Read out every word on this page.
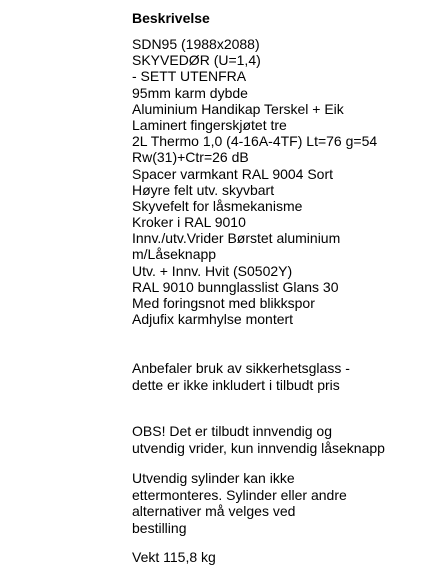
Beskrivelse
SDN95 (1988x2088)
SKYVEDØR (U=1,4)
- SETT UTENFRA
95mm karm dybde
Aluminium Handikap Terskel + Eik
Laminert fingerskjøtet tre
2L Thermo 1,0 (4-16A-4TF) Lt=76 g=54
Rw(31)+Ctr=26 dB
Spacer varmkant RAL 9004 Sort
Høyre felt utv. skyvbart
Skyvefelt for låsmekanisme
Kroker i RAL 9010
Innv./utv.Vrider Børstet aluminium
m/Låseknapp
Utv. + Innv. Hvit (S0502Y)
RAL 9010 bunnglasslist Glans 30
Med foringsnot med blikkspor
Adjufix karmhylse montert
Anbefaler bruk av sikkerhetsglass -
dette er ikke inkludert i tilbudt pris
OBS! Det er tilbudt innvendig og
utvendig vrider, kun innvendig låseknapp
Utvendig sylinder kan ikke
ettermonteres. Sylinder eller andre
alternativer må velges ved
bestilling
Vekt 115,8 kg
